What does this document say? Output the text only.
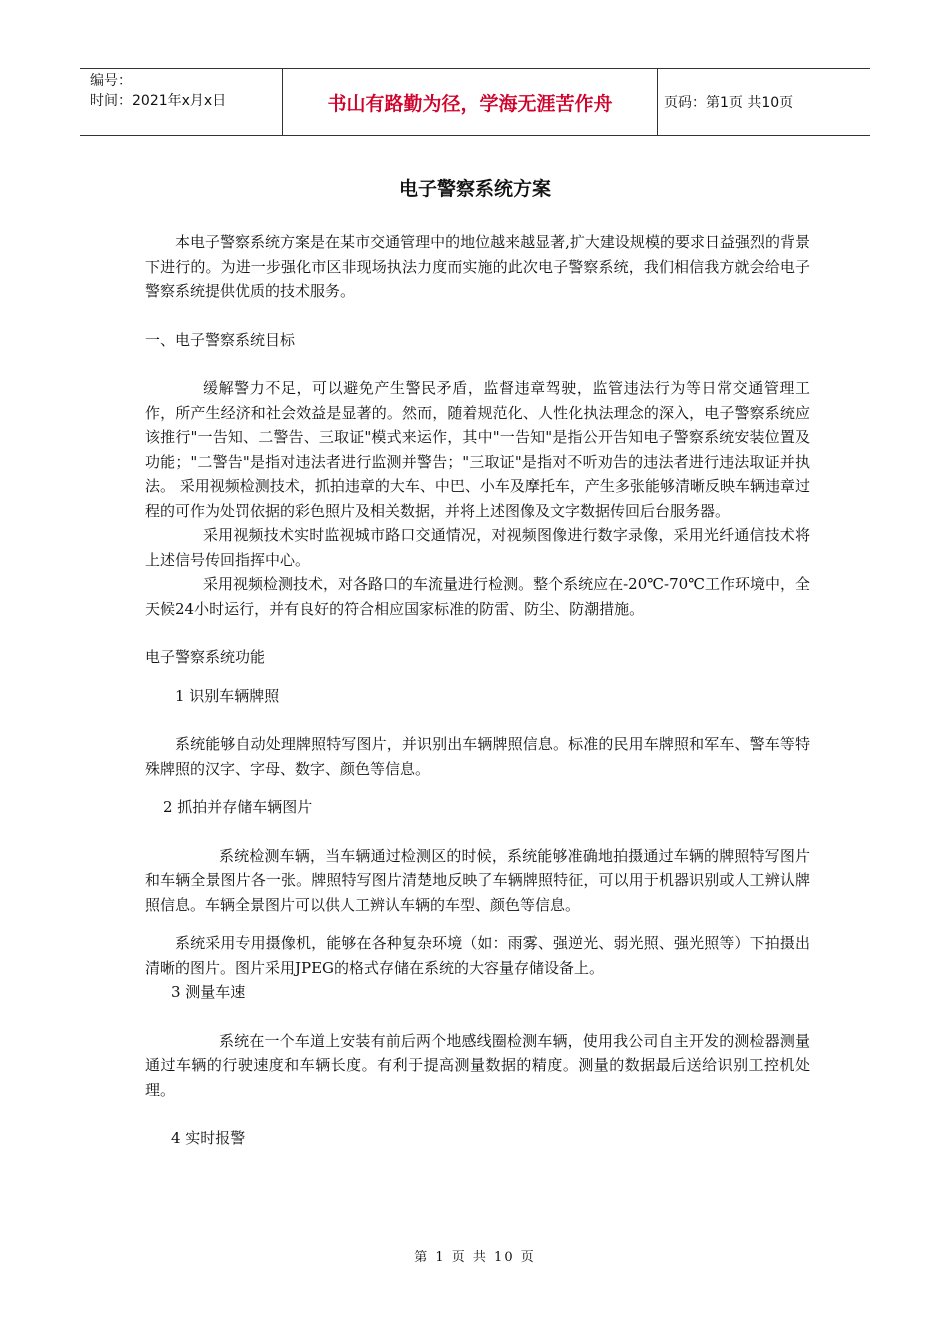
编号：
时间：2021年x月x日	书山有路勤为径，学海无涯苦作舟	页码：第1页 共10页
电子警察系统方案

本电子警察系统方案是在某市交通管理中的地位越来越显著,扩大建设规模的要求日益强烈的背景下进行的。为进一步强化市区非现场执法力度而实施的此次电子警察系统，我们相信我方就会给电子警察系统提供优质的技术服务。

一、电子警察系统目标

缓解警力不足，可以避免产生警民矛盾，监督违章驾驶，监管违法行为等日常交通管理工作，所产生经济和社会效益是显著的。然而，随着规范化、人性化执法理念的深入，电子警察系统应该推行"一告知、二警告、三取证"模式来运作，其中"一告知"是指公开告知电子警察系统安装位置及功能；"二警告"是指对违法者进行监测并警告；"三取证"是指对不听劝告的违法者进行违法取证并执法。 采用视频检测技术，抓拍违章的大车、中巴、小车及摩托车，产生多张能够清晰反映车辆违章过程的可作为处罚依据的彩色照片及相关数据，并将上述图像及文字数据传回后台服务器。

采用视频技术实时监视城市路口交通情况，对视频图像进行数字录像，采用光纤通信技术将上述信号传回指挥中心。

采用视频检测技术，对各路口的车流量进行检测。整个系统应在-20℃-70℃工作环境中，全天候24小时运行，并有良好的符合相应国家标准的防雷、防尘、防潮措施。

电子警察系统功能

1 识别车辆牌照

系统能够自动处理牌照特写图片，并识别出车辆牌照信息。标准的民用车牌照和军车、警车等特殊牌照的汉字、字母、数字、颜色等信息。

2 抓拍并存储车辆图片

系统检测车辆，当车辆通过检测区的时候，系统能够准确地拍摄通过车辆的牌照特写图片和车辆全景图片各一张。牌照特写图片清楚地反映了车辆牌照特征，可以用于机器识别或人工辨认牌照信息。车辆全景图片可以供人工辨认车辆的车型、颜色等信息。

系统采用专用摄像机，能够在各种复杂环境（如：雨雾、强逆光、弱光照、强光照等）下拍摄出清晰的图片。图片采用JPEG的格式存储在系统的大容量存储设备上。

3 测量车速

系统在一个车道上安装有前后两个地感线圈检测车辆，使用我公司自主开发的测检器测量通过车辆的行驶速度和车辆长度。有利于提高测量数据的精度。测量的数据最后送给识别工控机处理。

4 实时报警

第 1 页 共 10 页
